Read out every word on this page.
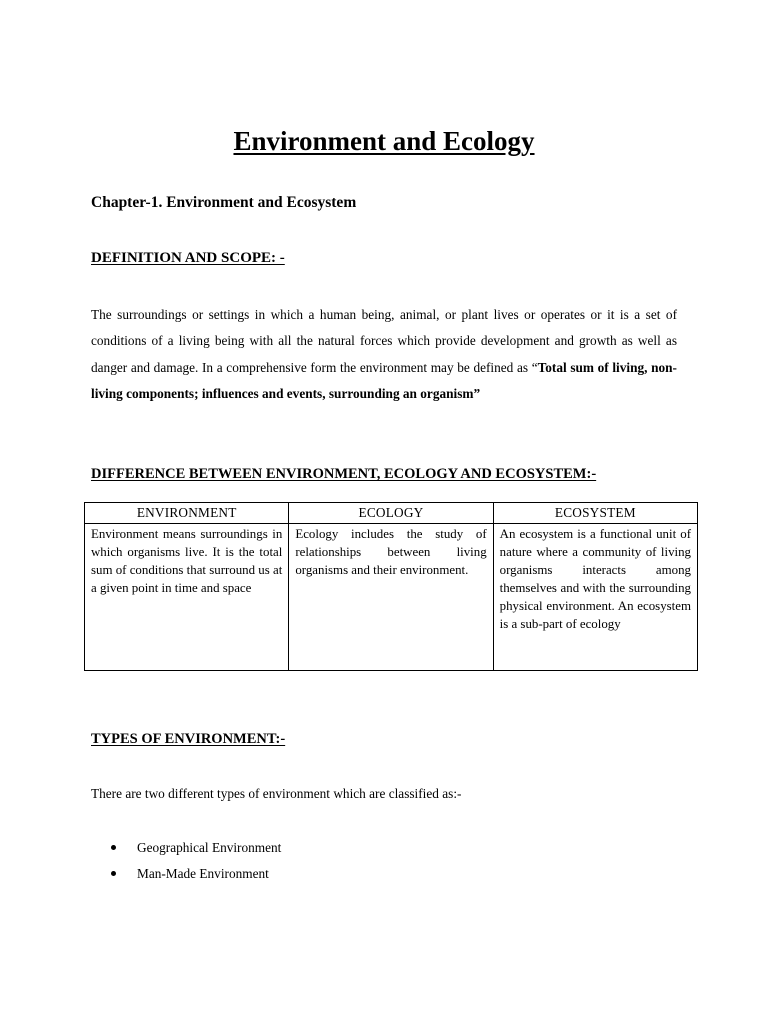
Environment and Ecology
Chapter-1. Environment and Ecosystem
DEFINITION AND SCOPE: -
The surroundings or settings in which a human being, animal, or plant lives or operates or it is a set of conditions of a living being with all the natural forces which provide development and growth as well as danger and damage. In a comprehensive form the environment may be defined as “Total sum of living, non-living components; influences and events, surrounding an organism”
DIFFERENCE BETWEEN ENVIRONMENT, ECOLOGY AND ECOSYSTEM:-
ENVIRONMENT	ECOLOGY	ECOSYSTEM
Environment means surroundings in which organisms live. It is the total sum of conditions that surround us at a given point in time and space	Ecology includes the study of relationships between living organisms and their environment.	An ecosystem is a functional unit of nature where a community of living organisms interacts among themselves and with the surrounding physical environment. An ecosystem is a sub-part of ecology
TYPES OF ENVIRONMENT:-
There are two different types of environment which are classified as:-
Geographical Environment
Man-Made Environment
